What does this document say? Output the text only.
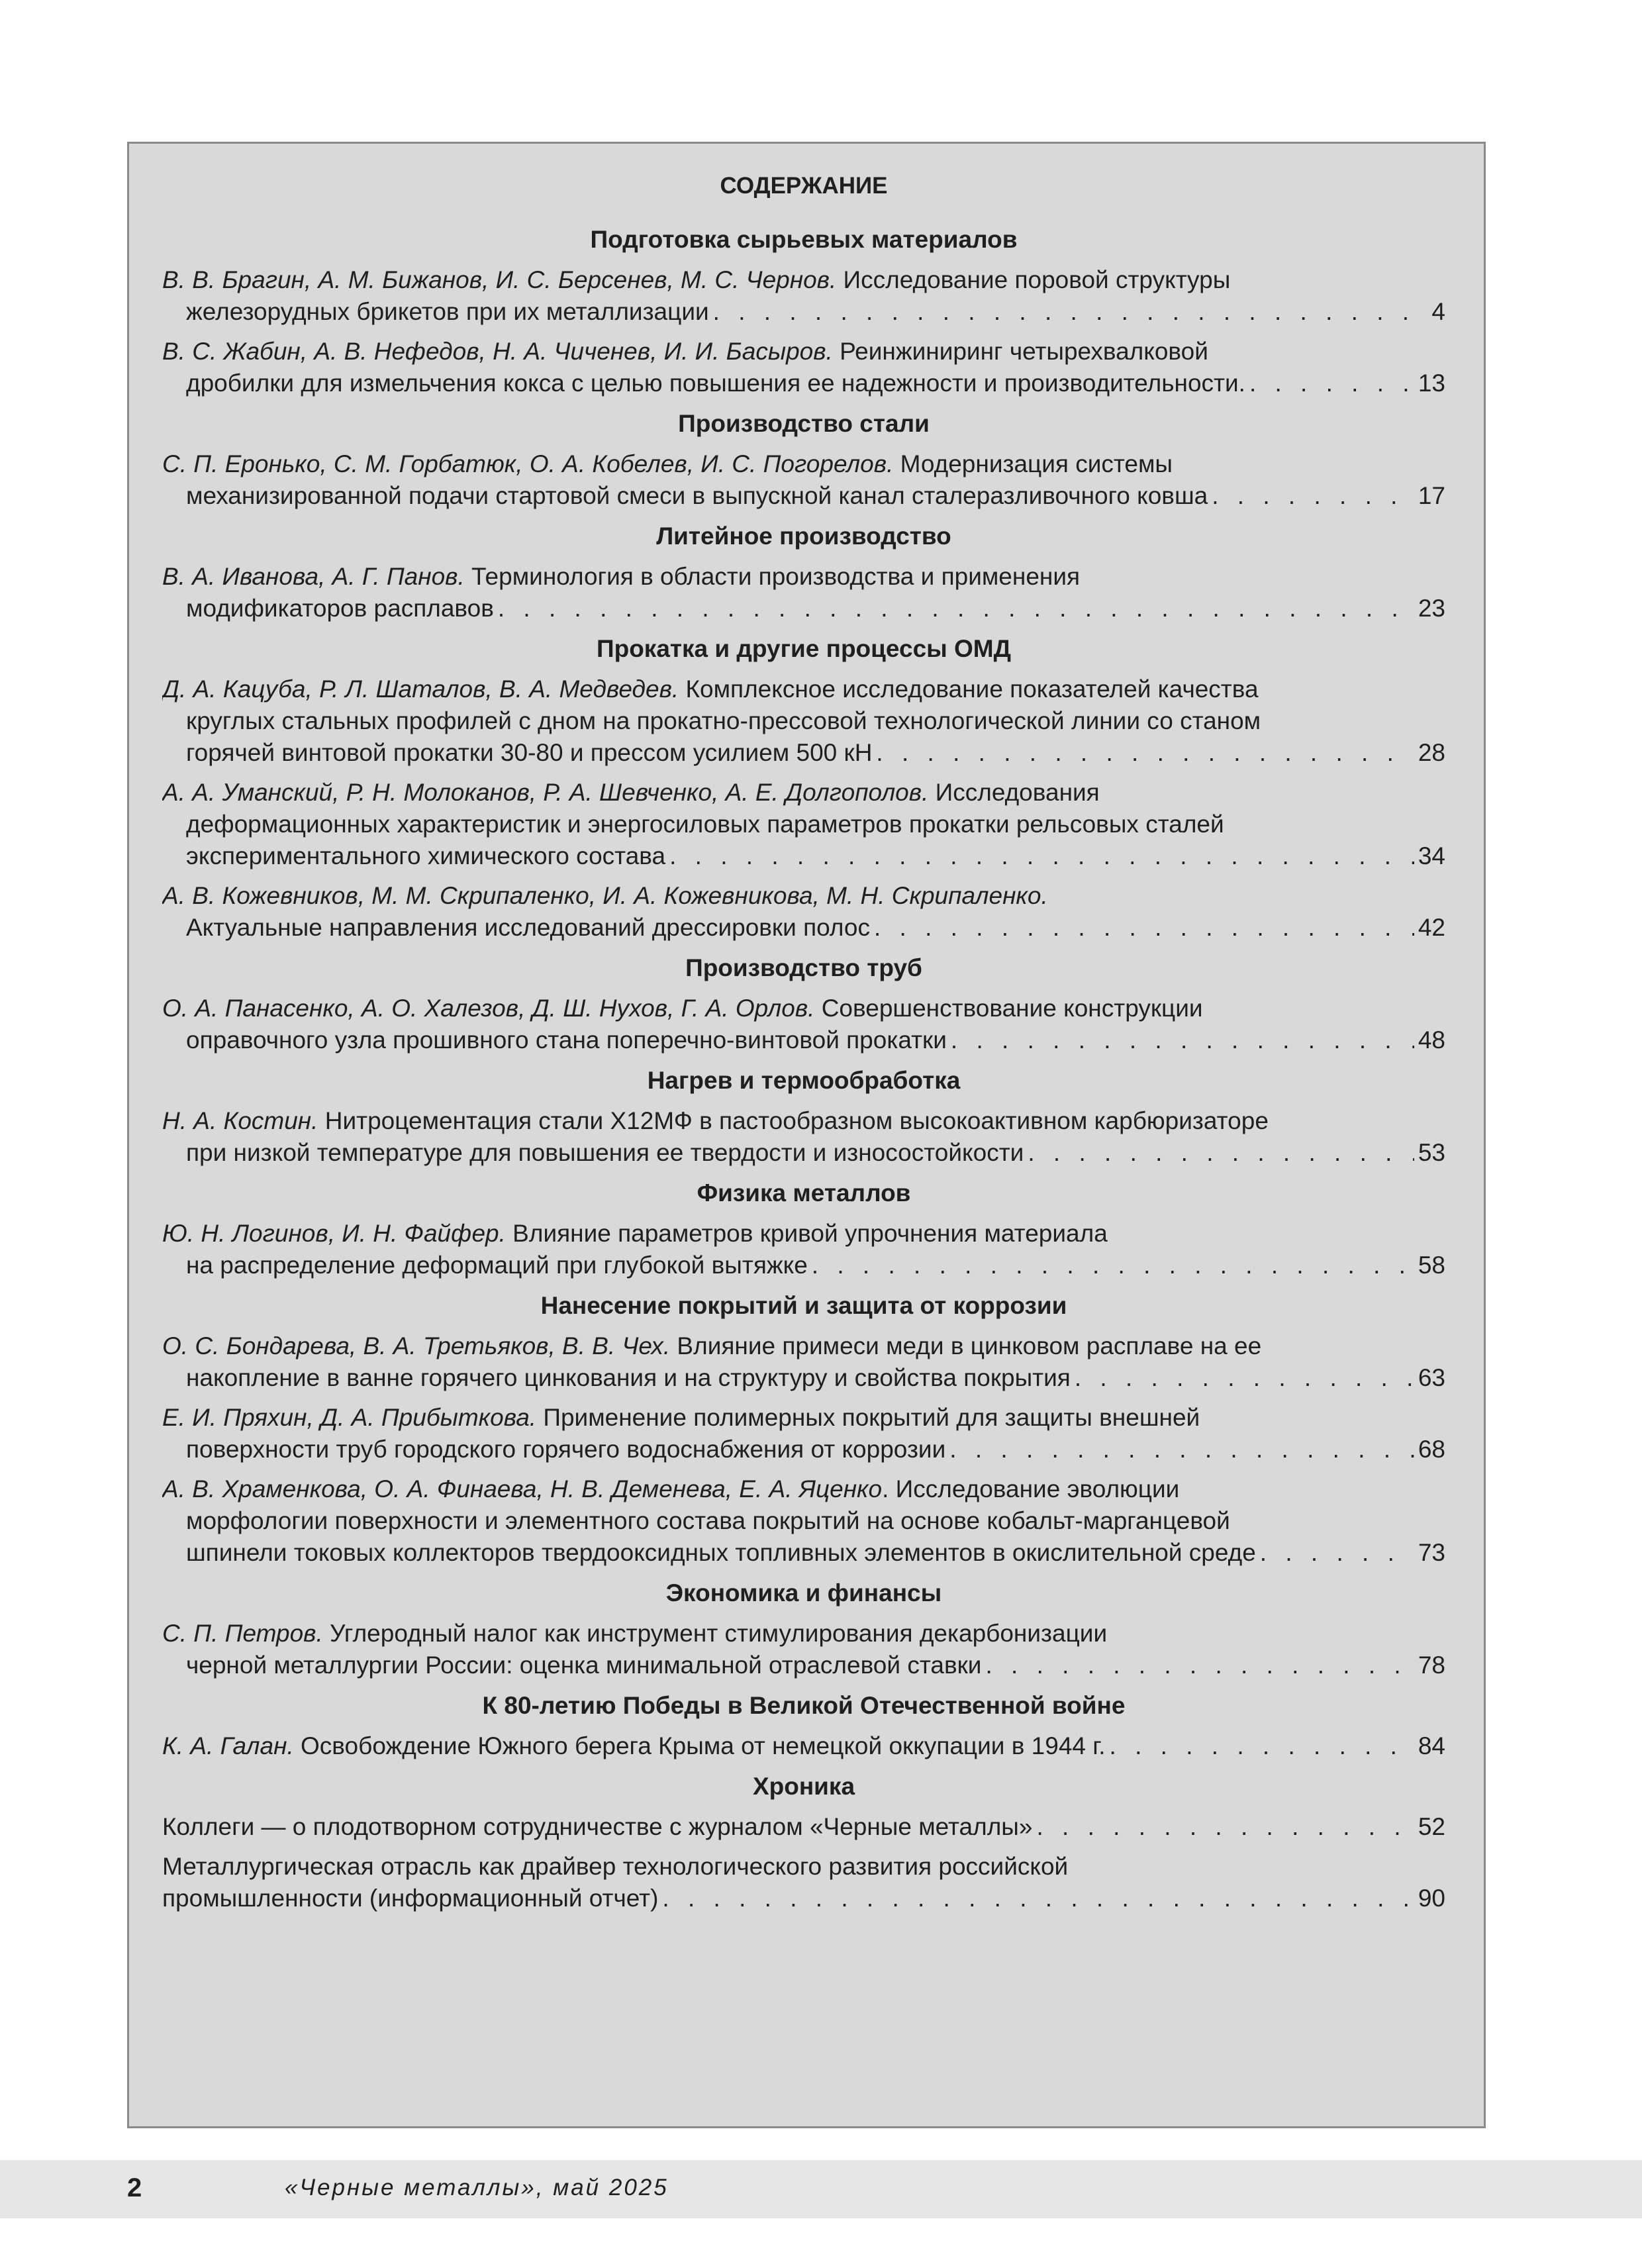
СОДЕРЖАНИЕ
Подготовка сырьевых материалов
В. В. Брагин, А. М. Бижанов, И. С. Берсенев, М. С. Чернов. Исследование поровой структуры
железорудных брикетов при их металлизации . . .	4
В. С. Жабин, А. В. Нефедов, Н. А. Чиченев, И. И. Басыров. Реинжиниринг четырехвалковой
дробилки для измельчения кокса с целью повышения ее надежности и производительности. . . .	13
Производство стали
С. П. Еронько, С. М. Горбатюк, О. А. Кобелев, И. С. Погорелов. Модернизация системы
механизированной подачи стартовой смеси в выпускной канал сталеразливочного ковша . . .	17
Литейное производство
В. А. Иванова, А. Г. Панов. Терминология в области производства и применения
модификаторов расплавов . . .	23
Прокатка и другие процессы ОМД
Д. А. Кацуба, Р. Л. Шаталов, В. А. Медведев. Комплексное исследование показателей качества
круглых стальных профилей с дном на прокатно-прессовой технологической линии со станом
горячей винтовой прокатки 30-80 и прессом усилием 500 кН . . .	28
А. А. Уманский, Р. Н. Молоканов, Р. А. Шевченко, А. Е. Долгополов. Исследования
деформационных характеристик и энергосиловых параметров прокатки рельсовых сталей
экспериментального химического состава . . .	34
А. В. Кожевников, М. М. Скрипаленко, И. А. Кожевникова, М. Н. Скрипаленко.
Актуальные направления исследований дрессировки полос . . .	42
Производство труб
О. А. Панасенко, А. О. Халезов, Д. Ш. Нухов, Г. А. Орлов. Совершенствование конструкции
оправочного узла прошивного стана поперечно-винтовой прокатки . . .	48
Нагрев и термообработка
Н. А. Костин. Нитроцементация стали Х12МФ в пастообразном высокоактивном карбюризаторе
при низкой температуре для повышения ее твердости и износостойкости . . .	53
Физика металлов
Ю. Н. Логинов, И. Н. Файфер. Влияние параметров кривой упрочнения материала
на распределение деформаций при глубокой вытяжке . . .	58
Нанесение покрытий и защита от коррозии
О. С. Бондарева, В. А. Третьяков, В. В. Чех. Влияние примеси меди в цинковом расплаве на ее
накопление в ванне горячего цинкования и на структуру и свойства покрытия . . .	63
Е. И. Пряхин, Д. А. Прибыткова. Применение полимерных покрытий для защиты внешней
поверхности труб городского горячего водоснабжения от коррозии . . .	68
А. В. Храменкова, О. А. Финаева, Н. В. Деменева, Е. А. Яценко. Исследование эволюции
морфологии поверхности и элементного состава покрытий на основе кобальт-марганцевой
шпинели токовых коллекторов твердооксидных топливных элементов в окислительной среде . . .	73
Экономика и финансы
С. П. Петров. Углеродный налог как инструмент стимулирования декарбонизации
черной металлургии России: оценка минимальной отраслевой ставки . . .	78
К 80-летию Победы в Великой Отечественной войне
К. А. Галан. Освобождение Южного берега Крыма от немецкой оккупации в 1944 г. . . .	84
Хроника
Коллеги — о плодотворном сотрудничестве с журналом «Черные металлы» . . .	52
Металлургическая отрасль как драйвер технологического развития российской
промышленности (информационный отчет) . . .	90
2	«Черные металлы», май 2025
